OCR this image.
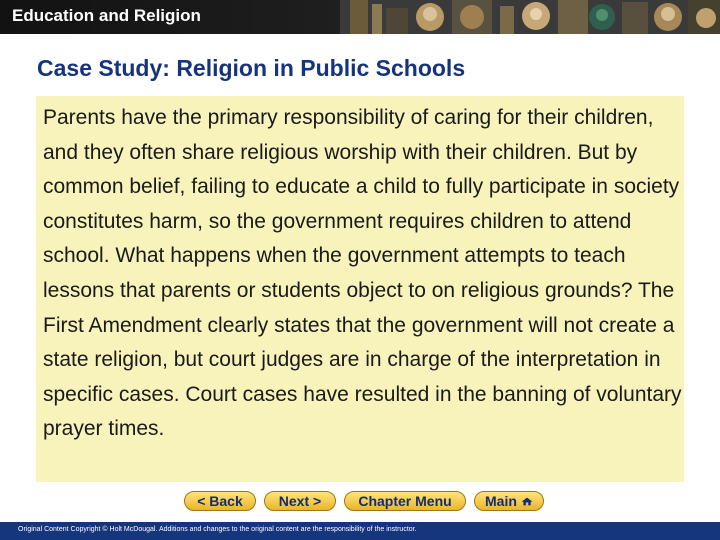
Education and Religion
Case Study: Religion in Public Schools

Parents have the primary responsibility of caring for their children, and they often share religious worship with their children. But by common belief, failing to educate a child to fully participate in society constitutes harm, so the government requires children to attend school. What happens when the government attempts to teach lessons that parents or students object to on religious grounds? The First Amendment clearly states that the government will not create a state religion, but court judges are in charge of the interpretation in specific cases. Court cases have resulted in the banning of voluntary prayer times.

< Back	Next >	Chapter Menu Main
Original Content Copyright © Holt McDougal. Additions and changes to the original content are the responsibility of the instructor.
